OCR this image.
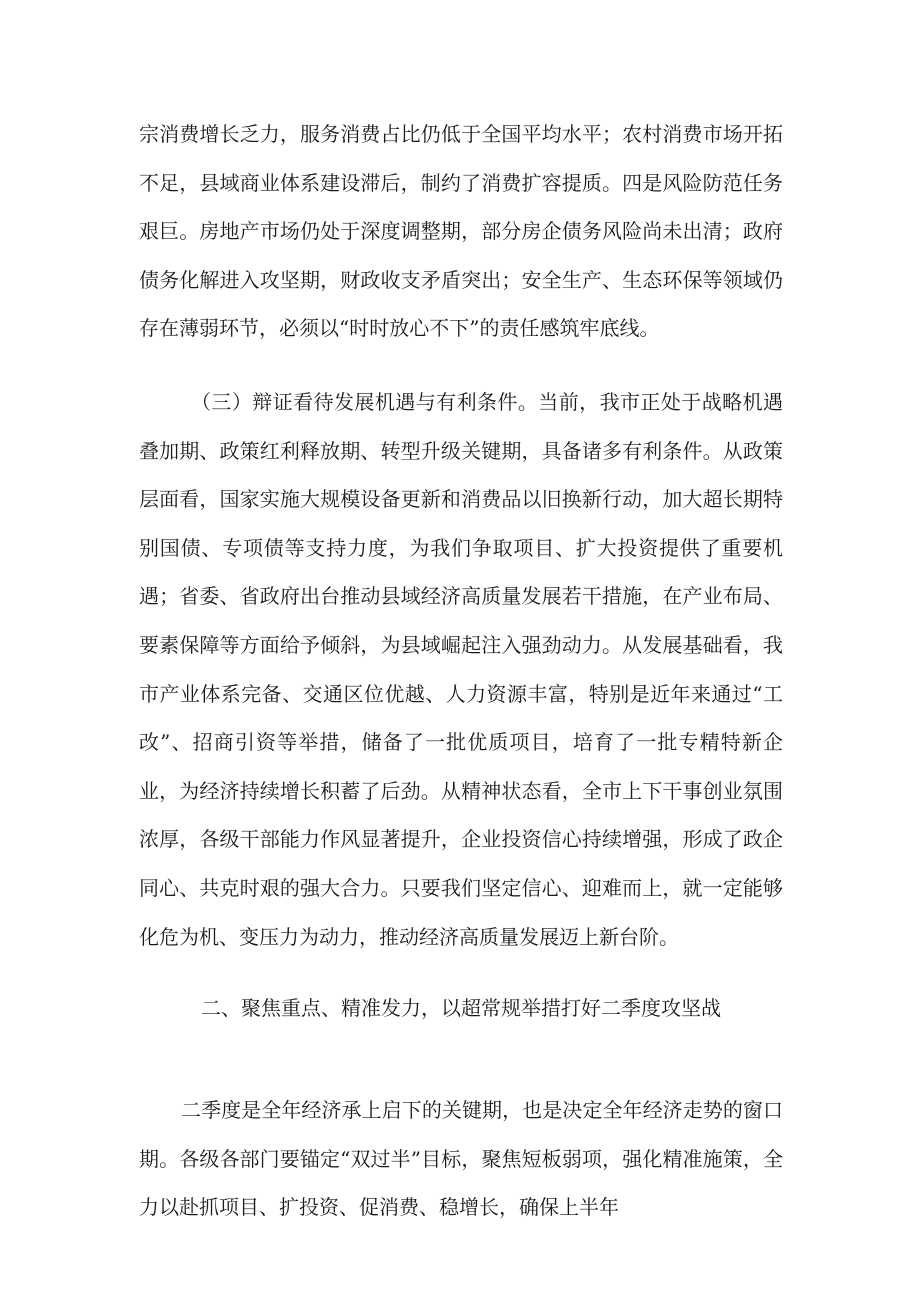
宗消费增长乏力，服务消费占比仍低于全国平均水平；农村消费市场开拓不足，县域商业体系建设滞后，制约了消费扩容提质。四是风险防范任务艰巨。房地产市场仍处于深度调整期，部分房企债务风险尚未出清；政府债务化解进入攻坚期，财政收支矛盾突出；安全生产、生态环保等领域仍存在薄弱环节，必须以“时时放心不下”的责任感筑牢底线。
（三）辩证看待发展机遇与有利条件。当前，我市正处于战略机遇叠加期、政策红利释放期、转型升级关键期，具备诸多有利条件。从政策层面看，国家实施大规模设备更新和消费品以旧换新行动，加大超长期特别国债、专项债等支持力度，为我们争取项目、扩大投资提供了重要机遇；省委、省政府出台推动县域经济高质量发展若干措施，在产业布局、要素保障等方面给予倾斜，为县域崛起注入强劲动力。从发展基础看，我市产业体系完备、交通区位优越、人力资源丰富，特别是近年来通过“工改”、招商引资等举措，储备了一批优质项目，培育了一批专精特新企业，为经济持续增长积蓄了后劲。从精神状态看，全市上下干事创业氛围浓厚，各级干部能力作风显著提升，企业投资信心持续增强，形成了政企同心、共克时艰的强大合力。只要我们坚定信心、迎难而上，就一定能够化危为机、变压力为动力，推动经济高质量发展迈上新台阶。
二、聚焦重点、精准发力，以超常规举措打好二季度攻坚战
二季度是全年经济承上启下的关键期，也是决定全年经济走势的窗口期。各级各部门要锚定“双过半”目标，聚焦短板弱项，强化精准施策，全力以赴抓项目、扩投资、促消费、稳增长，确保上半年
